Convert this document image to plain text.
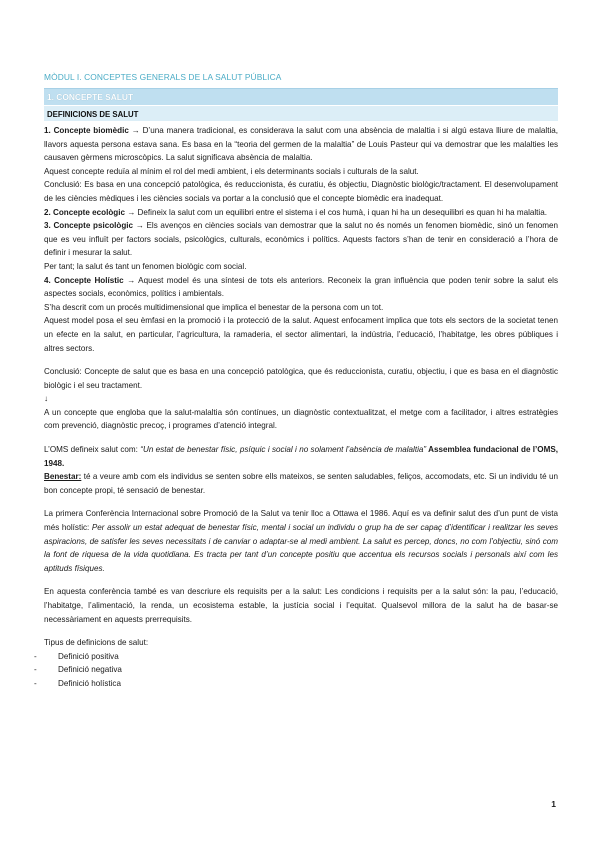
MÒDUL I. CONCEPTES GENERALS DE LA SALUT PÚBLICA
1. CONCEPTE SALUT
DEFINICIONS DE SALUT

1. Concepte biomèdic → D’una manera tradicional, es considerava la salut com una absència de malaltia i si algú estava lliure de malaltia, llavors aquesta persona estava sana. Es basa en la “teoria del germen de la malaltia” de Louis Pasteur qui va demostrar que les malalties les causaven gèrmens microscòpics. La salut significava absència de malaltia.

Aquest concepte reduïa al mínim el rol del medi ambient, i els determinants socials i culturals de la salut.

Conclusió: Es basa en una concepció patològica, és reduccionista, és curatiu, és objectiu, Diagnòstic biològic/tractament. El desenvolupament de les ciències mèdiques i les ciències socials va portar a la conclusió que el concepte biomèdic era inadequat.

2. Concepte ecològic → Defineix la salut com un equilibri entre el sistema i el cos humà, i quan hi ha un desequilibri es quan hi ha malaltia.

3. Concepte psicològic → Els avenços en ciències socials van demostrar que la salut no és només un fenomen biomèdic, sinó un fenomen que es veu influït per factors socials, psicològics, culturals, econòmics i polítics. Aquests factors s’han de tenir en consideració a l’hora de definir i mesurar la salut.

Per tant; la salut és tant un fenomen biològic com social.

4. Concepte Holístic → Aquest model és una síntesi de tots els anteriors. Reconeix la gran influència que poden tenir sobre la salut els aspectes socials, econòmics, polítics i ambientals.

S’ha descrit com un procés multidimensional que implica el benestar de la persona com un tot.

Aquest model posa el seu èmfasi en la promoció i la protecció de la salut. Aquest enfocament implica que tots els sectors de la societat tenen un efecte en la salut, en particular, l’agricultura, la ramaderia, el sector alimentari, la indústria, l’educació, l’habitatge, les obres públiques i altres sectors.

Conclusió: Concepte de salut que es basa en una concepció patològica, que és reduccionista, curatiu, objectiu, i que es basa en el diagnòstic biològic i el seu tractament.

↓

A un concepte que engloba que la salut-malaltia són contínues, un diagnòstic contextualitzat, el metge com a facilitador, i altres estratègies com prevenció, diagnòstic precoç, i programes d’atenció integral.

L’OMS defineix salut com: “Un estat de benestar físic, psíquic i social i no solament l’absència de malaltia” Assemblea fundacional de l’OMS, 1948.

Benestar: té a veure amb com els individus se senten sobre ells mateixos, se senten saludables, feliços, accomodats, etc. Si un individu té un bon concepte propi, té sensació de benestar.

La primera Conferència Internacional sobre Promoció de la Salut va tenir lloc a Ottawa el 1986. Aquí es va definir salut des d’un punt de vista més holístic: Per assolir un estat adequat de benestar físic, mental i social un individu o grup ha de ser capaç d’identificar i realitzar les seves aspiracions, de satisfer les seves necessitats i de canviar o adaptar-se al medi ambient. La salut es percep, doncs, no com l’objectiu, sinó com la font de riquesa de la vida quotidiana. Es tracta per tant d’un concepte positiu que accentua els recursos socials i personals així com les aptituds físiques.

En aquesta conferència també es van descriure els requisits per a la salut: Les condicions i requisits per a la salut són: la pau, l’educació, l’habitatge, l’alimentació, la renda, un ecosistema estable, la justícia social i l’equitat. Qualsevol millora de la salut ha de basar-se necessàriament en aquests prerrequisits.

Tipus de definicions de salut:

- Definició positiva
- Definició negativa
- Definició holística
1
